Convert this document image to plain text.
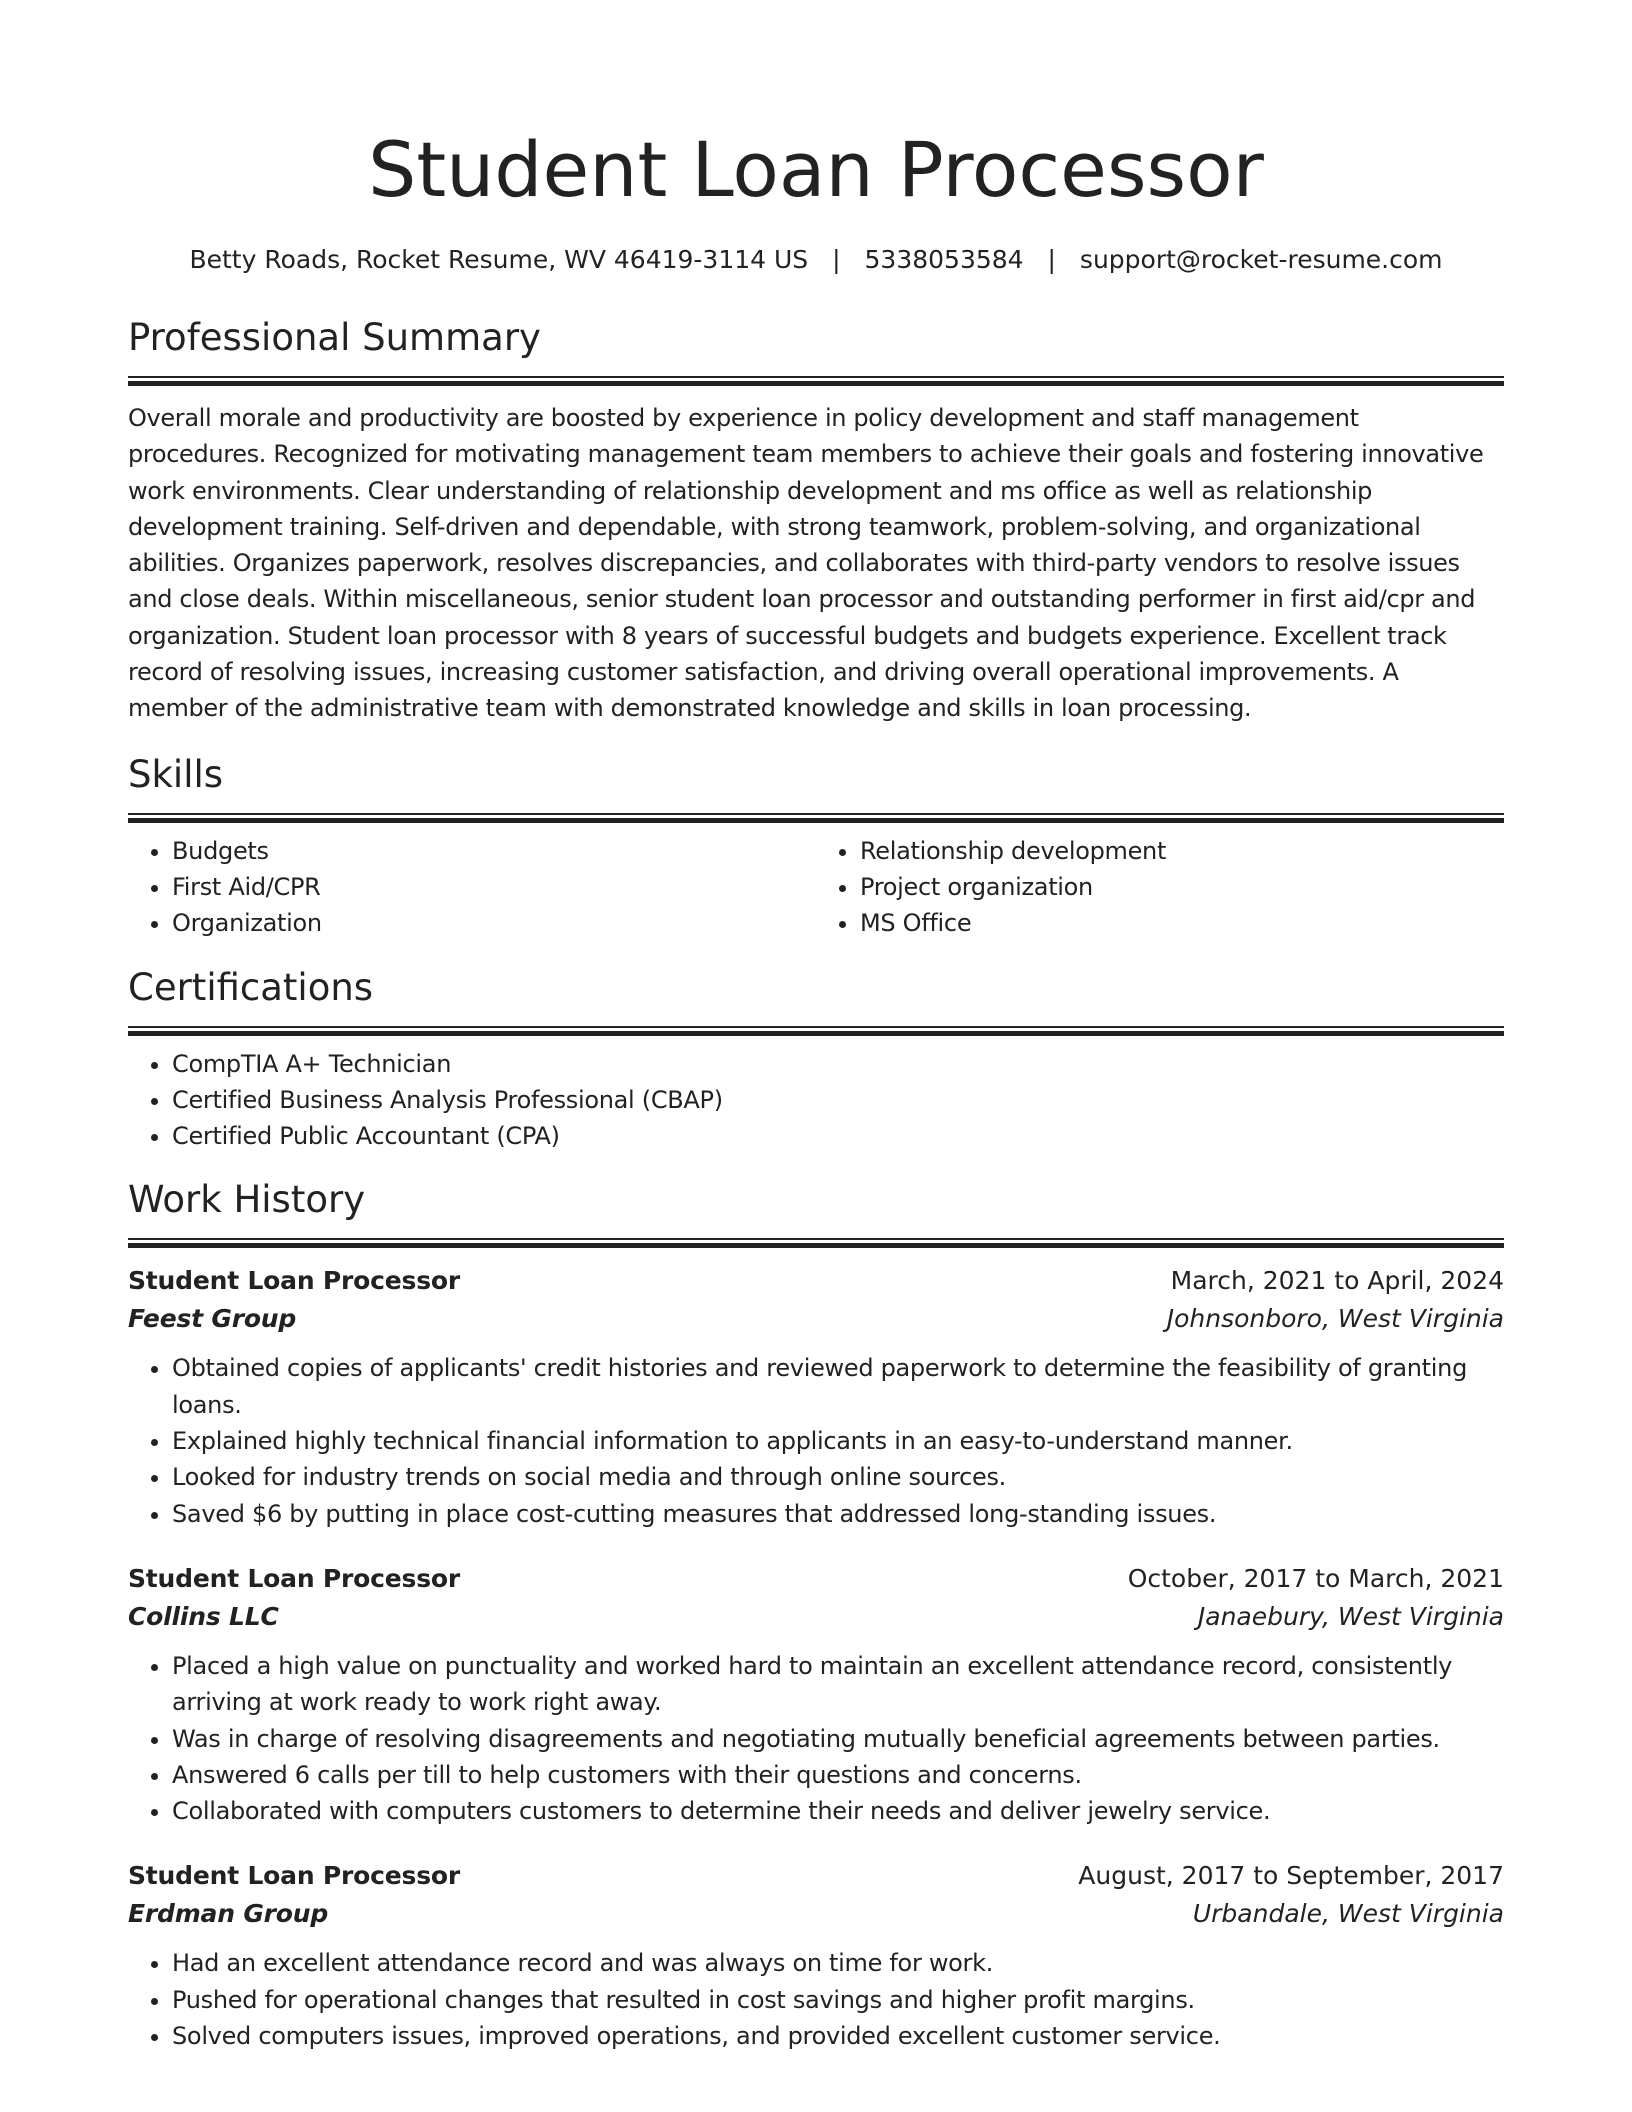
Student Loan Processor
Betty Roads, Rocket Resume, WV 46419-3114 US | 5338053584 | support@rocket-resume.com
Professional Summary

Overall morale and productivity are boosted by experience in policy development and staff management procedures. Recognized for motivating management team members to achieve their goals and fostering innovative work environments. Clear understanding of relationship development and ms office as well as relationship development training. Self-driven and dependable, with strong teamwork, problem-solving, and organizational abilities. Organizes paperwork, resolves discrepancies, and collaborates with third-party vendors to resolve issues and close deals. Within miscellaneous, senior student loan processor and outstanding performer in first aid/cpr and organization. Student loan processor with 8 years of successful budgets and budgets experience. Excellent track record of resolving issues, increasing customer satisfaction, and driving overall operational improvements. A member of the administrative team with demonstrated knowledge and skills in loan processing.

Skills
• Budgets
• First Aid/CPR
• Organization
• Relationship development
• Project organization
• MS Office
Certifications
• CompTIA A+ Technician
• Certified Business Analysis Professional (CBAP)
• Certified Public Accountant (CPA)
Work History
Student Loan Processor	March, 2021 to April, 2024
Feest Group	Johnsonboro, West Virginia
• Obtained copies of applicants' credit histories and reviewed paperwork to determine the feasibility of granting loans.
• Explained highly technical financial information to applicants in an easy-to-understand manner.
• Looked for industry trends on social media and through online sources.
• Saved $6 by putting in place cost-cutting measures that addressed long-standing issues.
Student Loan Processor	October, 2017 to March, 2021
Collins LLC	Janaebury, West Virginia
• Placed a high value on punctuality and worked hard to maintain an excellent attendance record, consistently arriving at work ready to work right away.
• Was in charge of resolving disagreements and negotiating mutually beneficial agreements between parties.
• Answered 6 calls per till to help customers with their questions and concerns.
• Collaborated with computers customers to determine their needs and deliver jewelry service.
Student Loan Processor	August, 2017 to September, 2017
Erdman Group	Urbandale, West Virginia
• Had an excellent attendance record and was always on time for work.
• Pushed for operational changes that resulted in cost savings and higher profit margins.
• Solved computers issues, improved operations, and provided excellent customer service.
